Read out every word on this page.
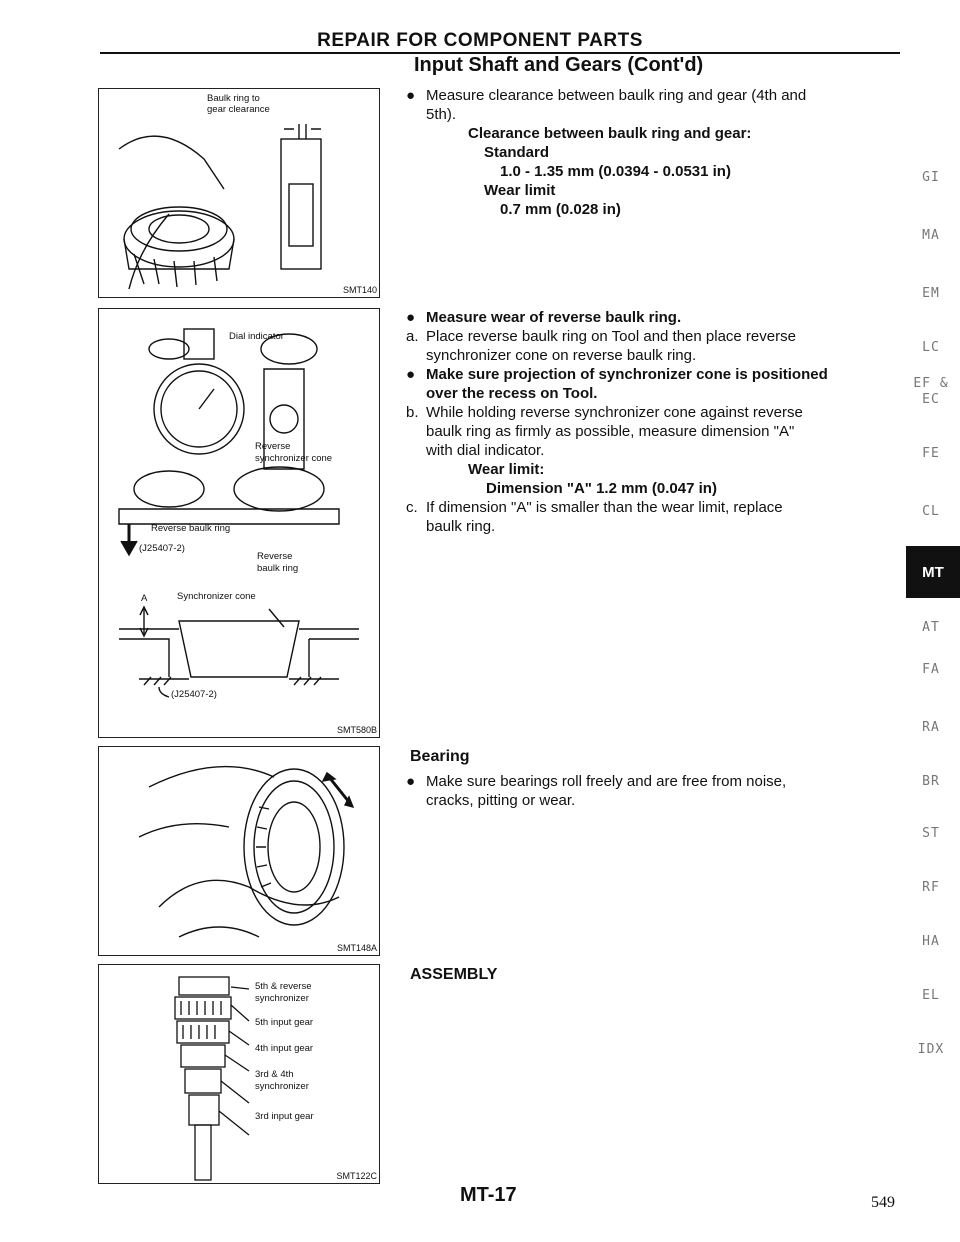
REPAIR FOR COMPONENT PARTS
Input Shaft and Gears (Cont'd)
Baulk ring to
gear clearance
SMT140
Dial indicator
Reverse
synchronizer cone
Reverse baulk ring
(J25407-2)
Reverse
baulk ring
A	Synchronizer cone
(J25407-2)
SMT580B
SMT148A
5th & reverse
synchronizer
5th input gear
4th input gear
3rd & 4th
synchronizer
3rd input gear
SMT122C
● Measure clearance between baulk ring and gear (4th and
5th).
Clearance between baulk ring and gear:
Standard
1.0 - 1.35 mm (0.0394 - 0.0531 in)
Wear limit
0.7 mm (0.028 in)
● Measure wear of reverse baulk ring.
a. Place reverse baulk ring on Tool and then place reverse
synchronizer cone on reverse baulk ring.
● Make sure projection of synchronizer cone is positioned
over the recess on Tool.
b. While holding reverse synchronizer cone against reverse
baulk ring as firmly as possible, measure dimension "A"
with dial indicator.
Wear limit:
Dimension "A" 1.2 mm (0.047 in)
c. If dimension "A" is smaller than the wear limit, replace
baulk ring.
Bearing
● Make sure bearings roll freely and are free from noise,
cracks, pitting or wear.
ASSEMBLY
GI
MA
EM
LC
EF &
EC
FE
CL
MT
AT
FA
RA
BR
ST
RF
HA
EL
IDX
MT-17	549
